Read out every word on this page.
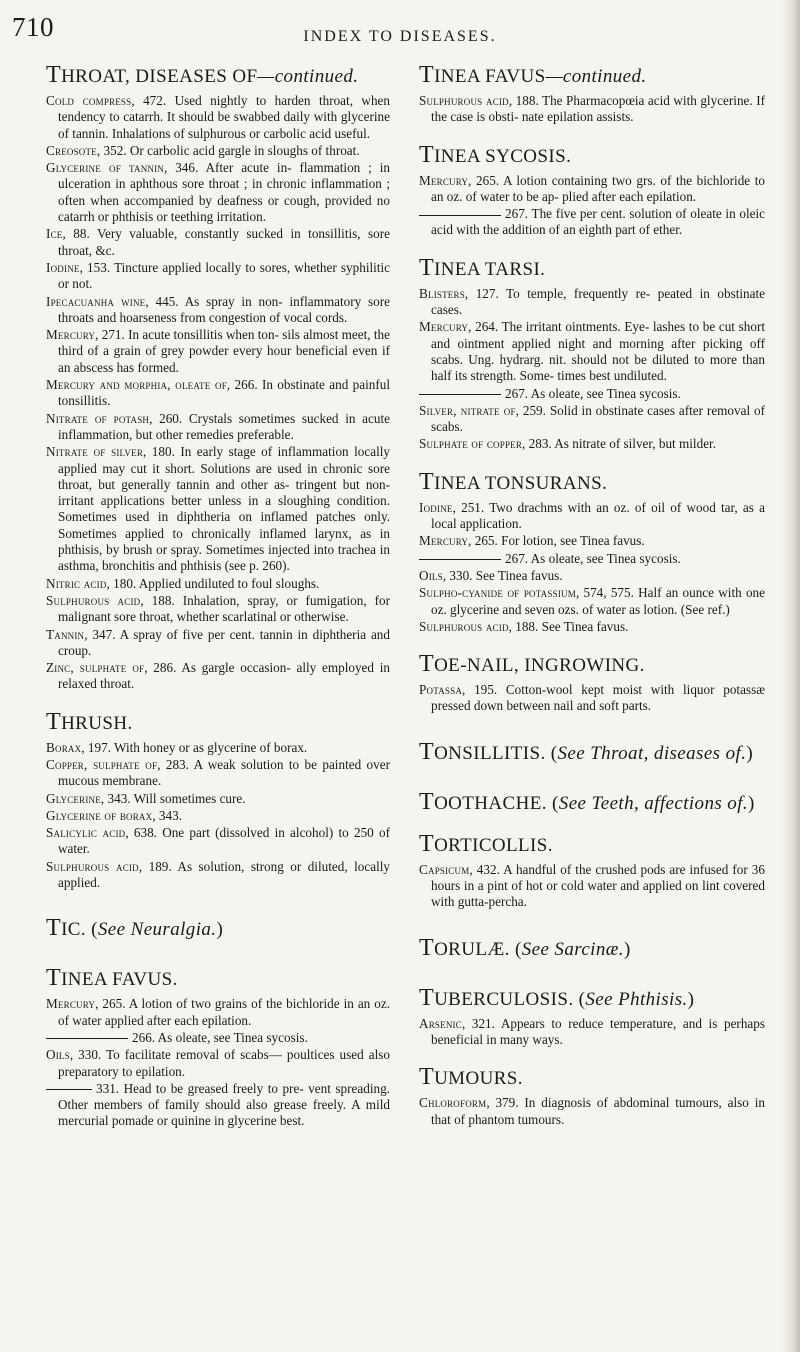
710	INDEX TO DISEASES.
THROAT, DISEASES OF—continued.
Cold compress, 472. Used nightly to harden throat, when tendency to catarrh. It should be swabbed daily with glycerine of tannin. Inhalations of sulphurous or carbolic acid useful.
Creosote, 352. Or carbolic acid gargle in sloughs of throat.
Glycerine of tannin, 346. After acute in- flammation ; in ulceration in aphthous sore throat ; in chronic inflammation ; often when accompanied by deafness or cough, provided no catarrh or phthisis or teething irritation.
Ice, 88. Very valuable, constantly sucked in tonsillitis, sore throat, &c.
Iodine, 153. Tincture applied locally to sores, whether syphilitic or not.
Ipecacuanha wine, 445. As spray in non- inflammatory sore throats and hoarseness from congestion of vocal cords.
Mercury, 271. In acute tonsillitis when ton- sils almost meet, the third of a grain of grey powder every hour beneficial even if an abscess has formed.
Mercury and morphia, oleate of, 266. In obstinate and painful tonsillitis.
Nitrate of potash, 260. Crystals sometimes sucked in acute inflammation, but other remedies preferable.
Nitrate of silver, 180. In early stage of inflammation locally applied may cut it short. Solutions are used in chronic sore throat, but generally tannin and other as- tringent but non-irritant applications better unless in a sloughing condition. Sometimes used in diphtheria on inflamed patches only. Sometimes applied to chronically inflamed larynx, as in phthisis, by brush or spray. Sometimes injected into trachea in asthma, bronchitis and phthisis (see p. 260).
Nitric acid, 180. Applied undiluted to foul sloughs.
Sulphurous acid, 188. Inhalation, spray, or fumigation, for malignant sore throat, whether scarlatinal or otherwise.
Tannin, 347. A spray of five per cent. tannin in diphtheria and croup.
Zinc, sulphate of, 286. As gargle occasion- ally employed in relaxed throat.
THRUSH.
Borax, 197. With honey or as glycerine of borax.
Copper, sulphate of, 283. A weak solution to be painted over mucous membrane.
Glycerine, 343. Will sometimes cure.
Glycerine of borax, 343.
Salicylic acid, 638. One part (dissolved in alcohol) to 250 of water.
Sulphurous acid, 189. As solution, strong or diluted, locally applied.
TIC. (See Neuralgia.)
TINEA FAVUS.
Mercury, 265. A lotion of two grains of the bichloride in an oz. of water applied after each epilation.
266. As oleate, see Tinea sycosis.
Oils, 330. To facilitate removal of scabs— poultices used also preparatory to epilation.
331. Head to be greased freely to pre- vent spreading. Other members of family should also grease freely. A mild mercurial pomade or quinine in glycerine best.
TINEA FAVUS—continued.
Sulphurous acid, 188. The Pharmacopœia acid with glycerine. If the case is obsti- nate epilation assists.
TINEA SYCOSIS.
Mercury, 265. A lotion containing two grs. of the bichloride to an oz. of water to be ap- plied after each epilation.
267. The five per cent. solution of oleate in oleic acid with the addition of an eighth part of ether.
TINEA TARSI.
Blisters, 127. To temple, frequently re- peated in obstinate cases.
Mercury, 264. The irritant ointments. Eye- lashes to be cut short and ointment applied night and morning after picking off scabs. Ung. hydrarg. nit. should not be diluted to more than half its strength. Some- times best undiluted.
267. As oleate, see Tinea sycosis.
Silver, nitrate of, 259. Solid in obstinate cases after removal of scabs.
Sulphate of copper, 283. As nitrate of silver, but milder.
TINEA TONSURANS.
Iodine, 251. Two drachms with an oz. of oil of wood tar, as a local application.
Mercury, 265. For lotion, see Tinea favus.
267. As oleate, see Tinea sycosis.
Oils, 330. See Tinea favus.
Sulpho-cyanide of potassium, 574, 575. Half an ounce with one oz. glycerine and seven ozs. of water as lotion. (See ref.)
Sulphurous acid, 188. See Tinea favus.
TOE-NAIL, INGROWING.
Potassa, 195. Cotton-wool kept moist with liquor potassæ pressed down between nail and soft parts.
TONSILLITIS. (See Throat, diseases of.)
TOOTHACHE. (See Teeth, affections of.)
TORTICOLLIS.
Capsicum, 432. A handful of the crushed pods are infused for 36 hours in a pint of hot or cold water and applied on lint covered with gutta-percha.
TORULÆ. (See Sarcinæ.)
TUBERCULOSIS. (See Phthisis.)
Arsenic, 321. Appears to reduce temperature, and is perhaps beneficial in many ways.
TUMOURS.
Chloroform, 379. In diagnosis of abdominal tumours, also in that of phantom tumours.
